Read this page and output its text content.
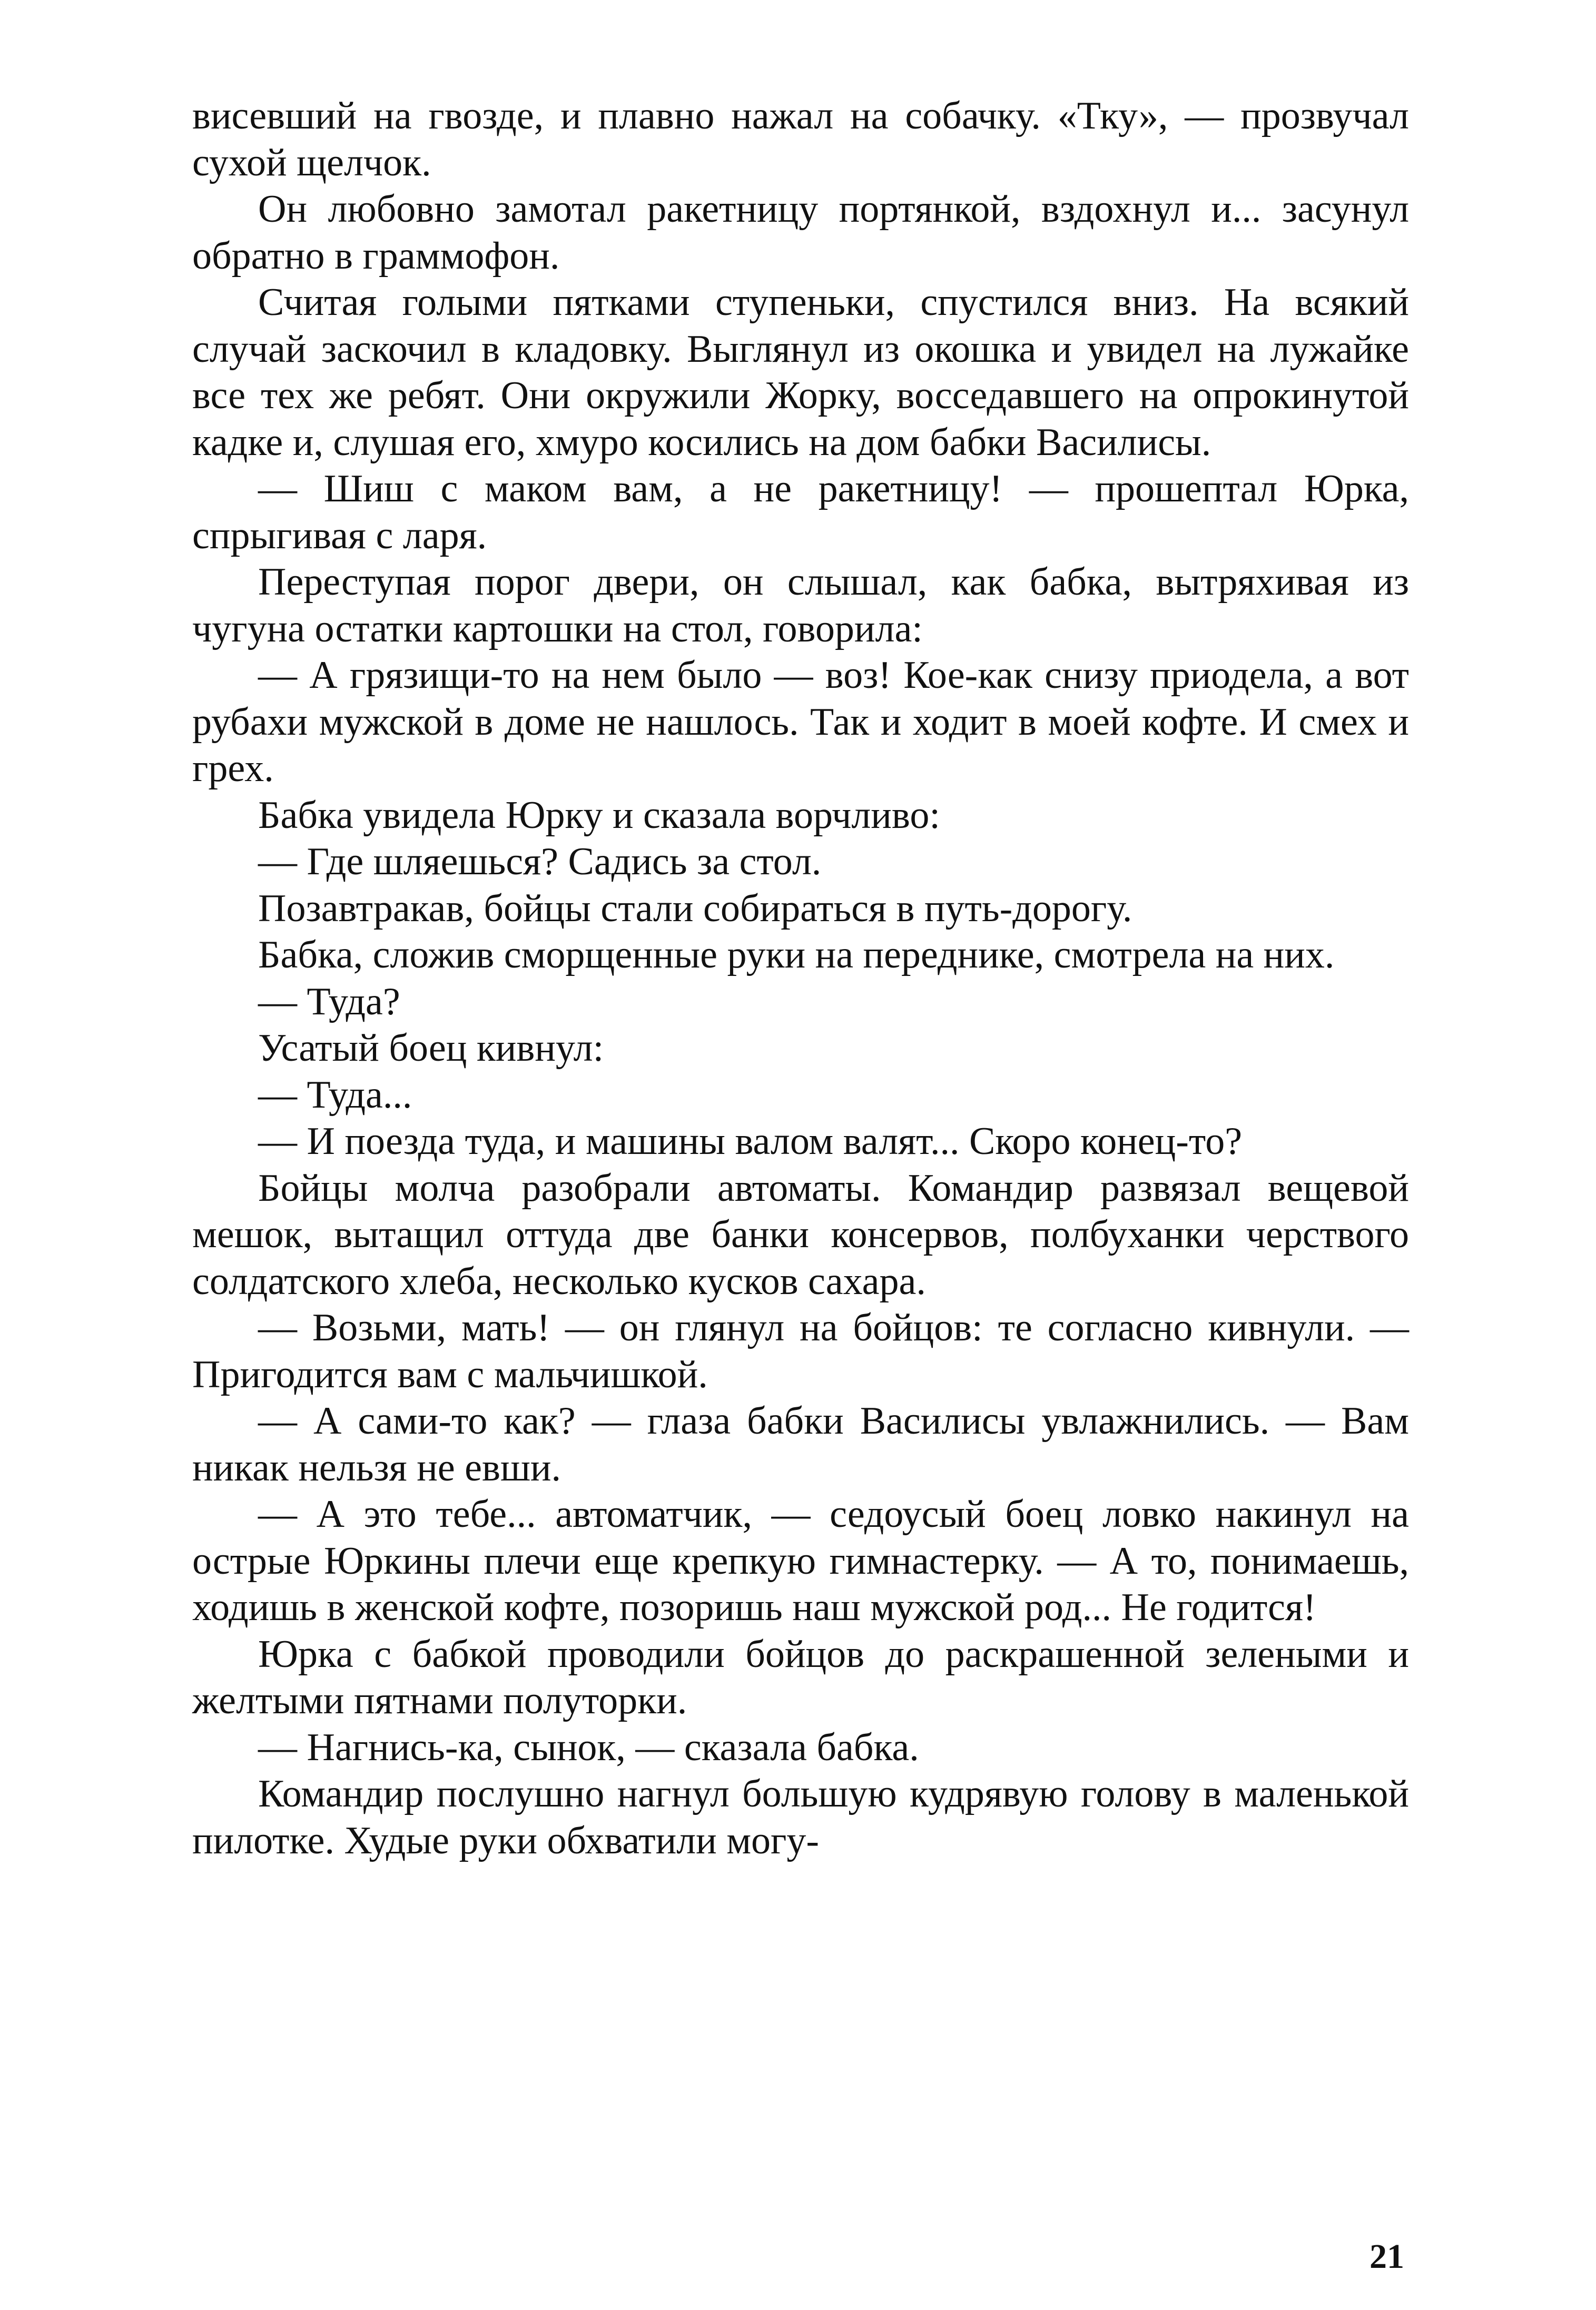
висевший на гвозде, и плавно нажал на собачку. «Тку», — прозвучал сухой щелчок.

Он любовно замотал ракетницу портянкой, вздохнул и... засунул обратно в граммофон.

Считая голыми пятками ступеньки, спустился вниз. На всякий случай заскочил в кладовку. Выглянул из окошка и увидел на лужайке все тех же ребят. Они окружили Жорку, восседавшего на опрокинутой кадке и, слушая его, хмуро косились на дом бабки Василисы.

— Шиш с маком вам, а не ракетницу! — прошептал Юрка, спрыгивая с ларя.

Переступая порог двери, он слышал, как бабка, вытряхивая из чугуна остатки картошки на стол, говорила:

— А грязищи-то на нем было — воз! Кое-как снизу приодела, а вот рубахи мужской в доме не нашлось. Так и ходит в моей кофте. И смех и грех.

Бабка увидела Юрку и сказала ворчливо:

— Где шляешься? Садись за стол.

Позавтракав, бойцы стали собираться в путь-дорогу.

Бабка, сложив сморщенные руки на переднике, смотрела на них.

— Туда?

Усатый боец кивнул:

— Туда...

— И поезда туда, и машины валом валят... Скоро конец-то?

Бойцы молча разобрали автоматы. Командир развязал вещевой мешок, вытащил оттуда две банки консервов, полбуханки черствого солдатского хлеба, несколько кусков сахара.

— Возьми, мать! — он глянул на бойцов: те согласно кивнули. — Пригодится вам с мальчишкой.

— А сами-то как? — глаза бабки Василисы увлажнились. — Вам никак нельзя не евши.

— А это тебе... автоматчик, — седоусый боец ловко накинул на острые Юркины плечи еще крепкую гимнастерку. — А то, понимаешь, ходишь в женской кофте, позоришь наш мужской род... Не годится!

Юрка с бабкой проводили бойцов до раскрашенной зелеными и желтыми пятнами полуторки.

— Нагнись-ка, сынок, — сказала бабка.

Командир послушно нагнул большую кудрявую голову в маленькой пилотке. Худые руки обхватили могу-

21
